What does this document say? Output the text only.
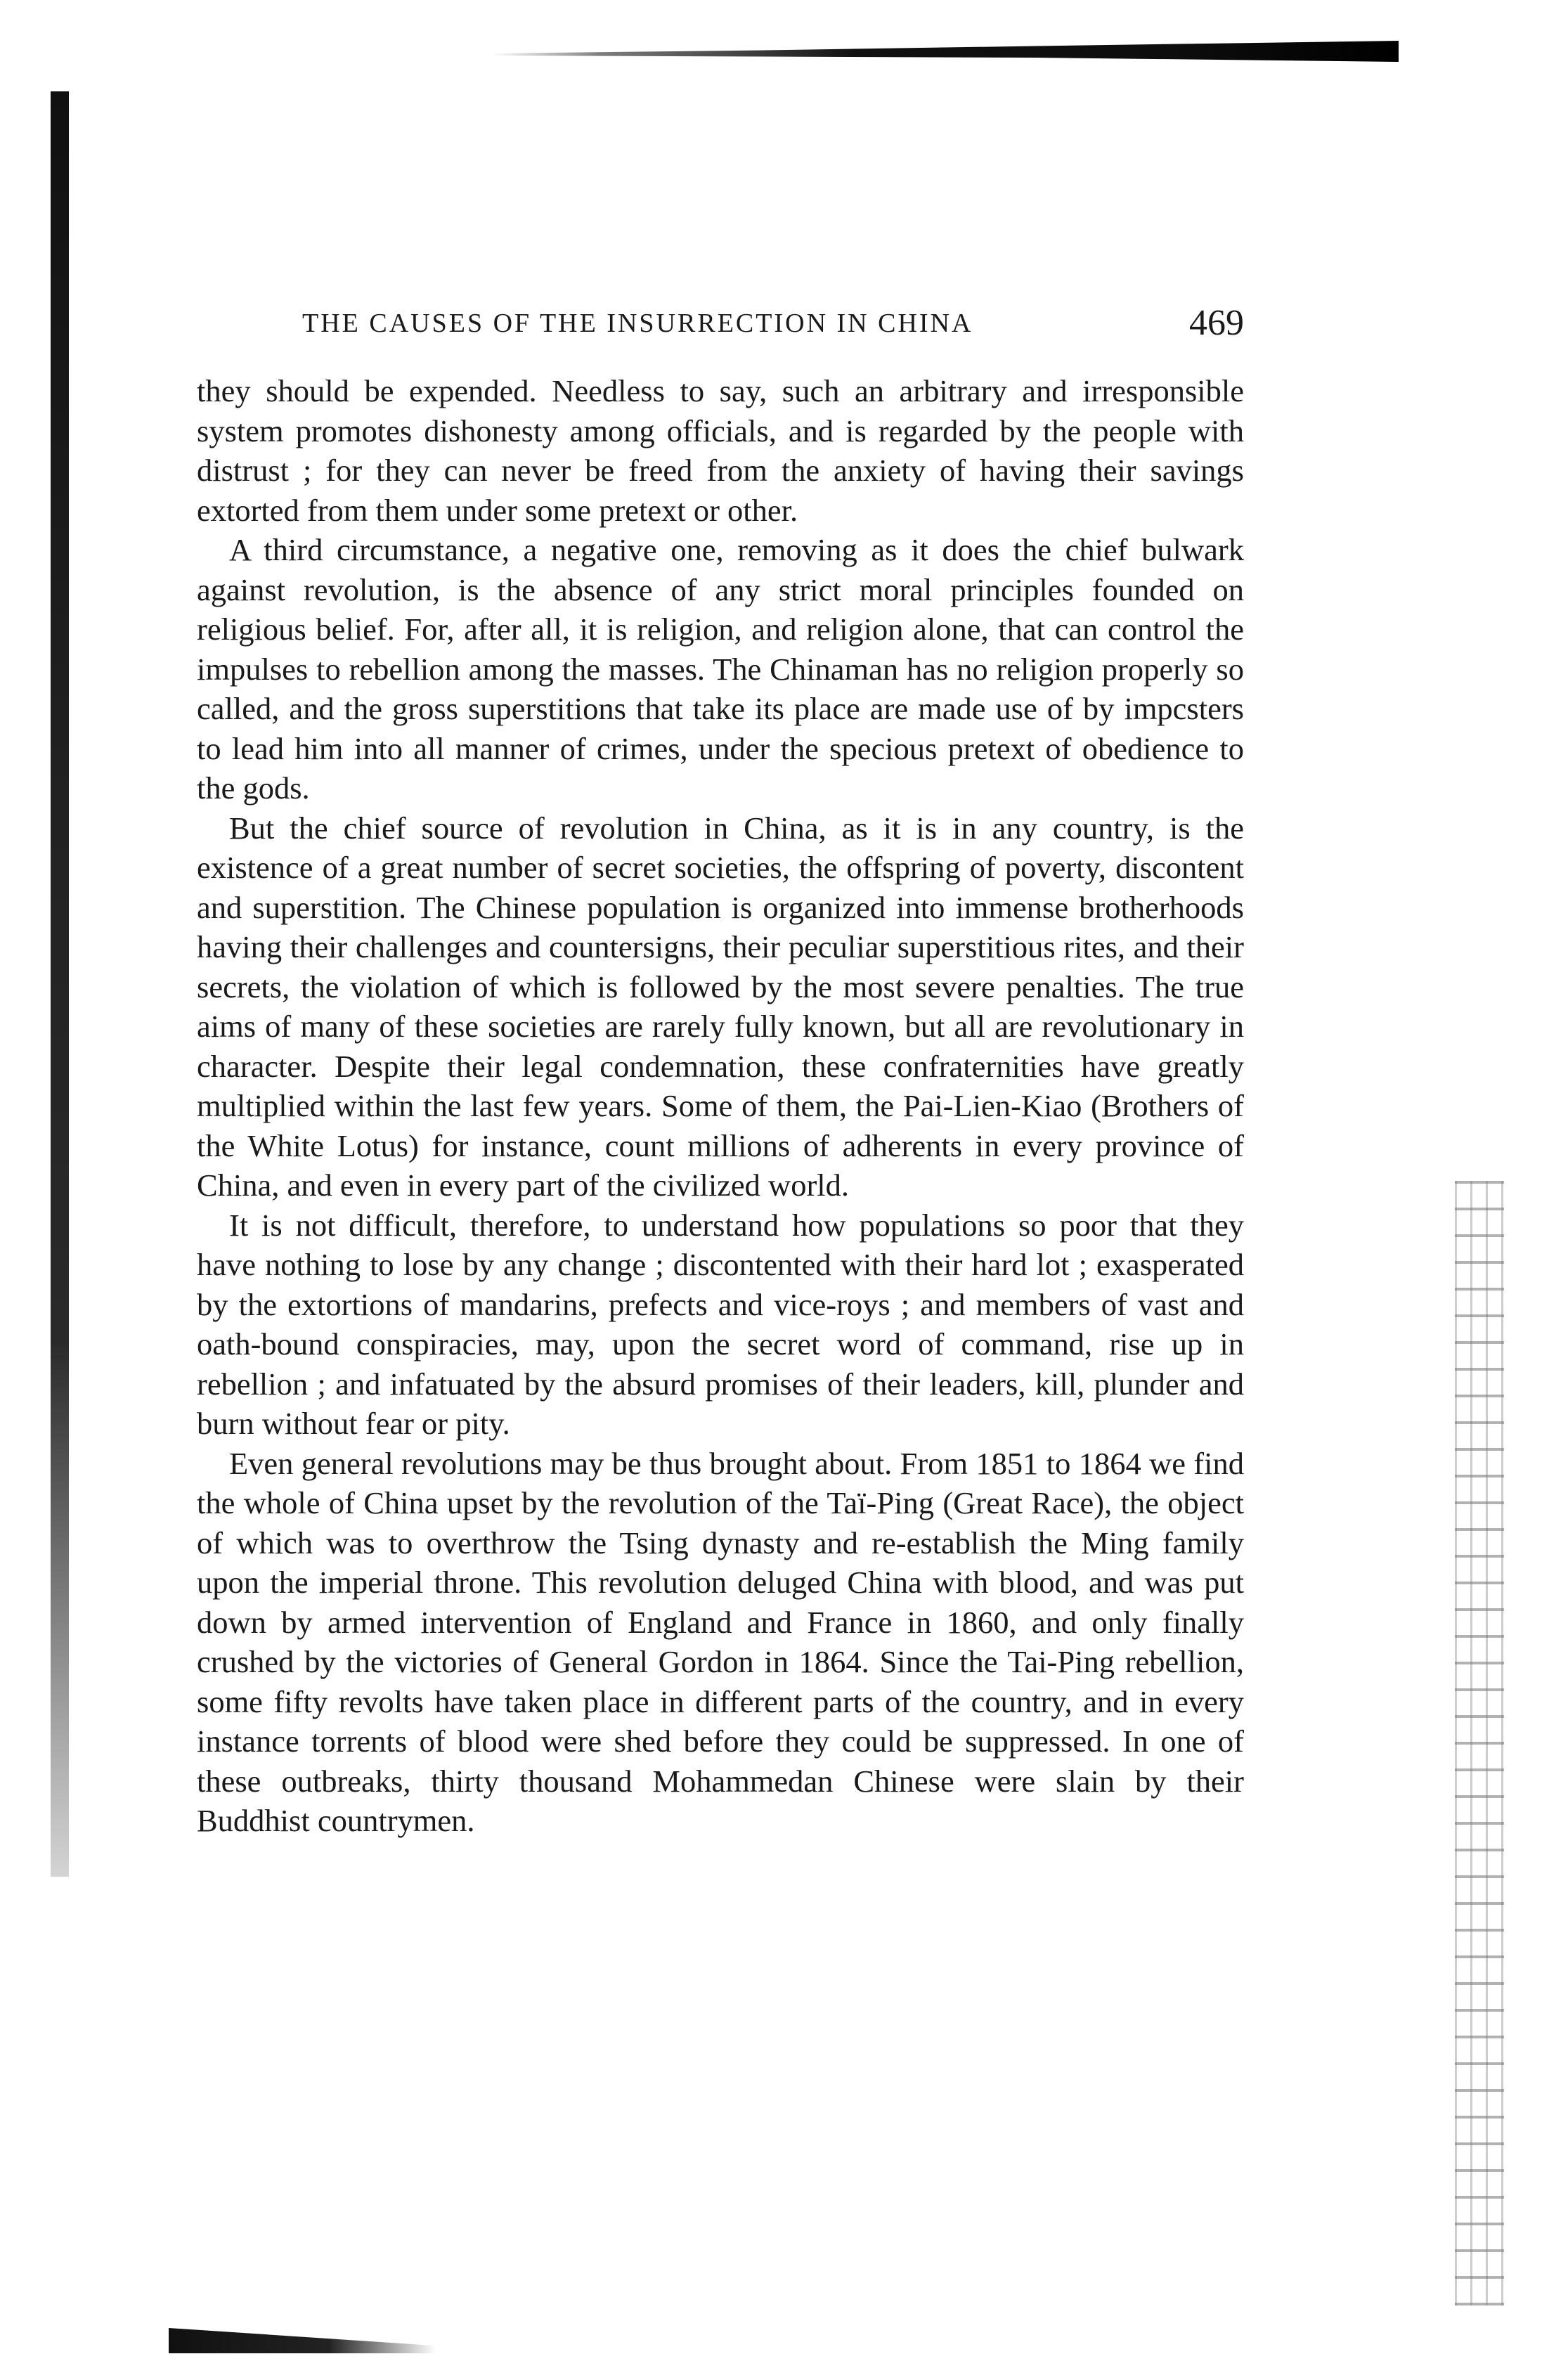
THE CAUSES OF THE INSURRECTION IN CHINA	469

they should be expended. Needless to say, such an arbitrary and irresponsible system promotes dishonesty among officials, and is regarded by the people with distrust ; for they can never be freed from the anxiety of having their savings extorted from them under some pretext or other.

A third circumstance, a negative one, removing as it does the chief bulwark against revolution, is the absence of any strict moral principles founded on religious belief. For, after all, it is religion, and religion alone, that can control the impulses to rebellion among the masses. The Chinaman has no religion properly so called, and the gross superstitions that take its place are made use of by impcsters to lead him into all manner of crimes, under the specious pretext of obedience to the gods.

But the chief source of revolution in China, as it is in any country, is the existence of a great number of secret societies, the offspring of poverty, discontent and superstition. The Chinese population is organized into immense brotherhoods having their challenges and countersigns, their peculiar superstitious rites, and their secrets, the violation of which is followed by the most severe penalties. The true aims of many of these societies are rarely fully known, but all are revolutionary in character. Despite their legal condemnation, these confraternities have greatly multiplied within the last few years. Some of them, the Pai-Lien-Kiao (Brothers of the White Lotus) for instance, count millions of adherents in every province of China, and even in every part of the civilized world.

It is not difficult, therefore, to understand how populations so poor that they have nothing to lose by any change ; discontented with their hard lot ; exasperated by the extortions of mandarins, prefects and vice-roys ; and members of vast and oath-bound conspiracies, may, upon the secret word of command, rise up in rebellion ; and infatuated by the absurd promises of their leaders, kill, plunder and burn without fear or pity.

Even general revolutions may be thus brought about. From 1851 to 1864 we find the whole of China upset by the revolution of the Taï-Ping (Great Race), the object of which was to overthrow the Tsing dynasty and re-establish the Ming family upon the imperial throne. This revolution deluged China with blood, and was put down by armed intervention of England and France in 1860, and only finally crushed by the victories of General Gordon in 1864. Since the Tai-Ping rebellion, some fifty revolts have taken place in different parts of the country, and in every instance torrents of blood were shed before they could be suppressed. In one of these outbreaks, thirty thousand Mohammedan Chinese were slain by their Buddhist countrymen.
